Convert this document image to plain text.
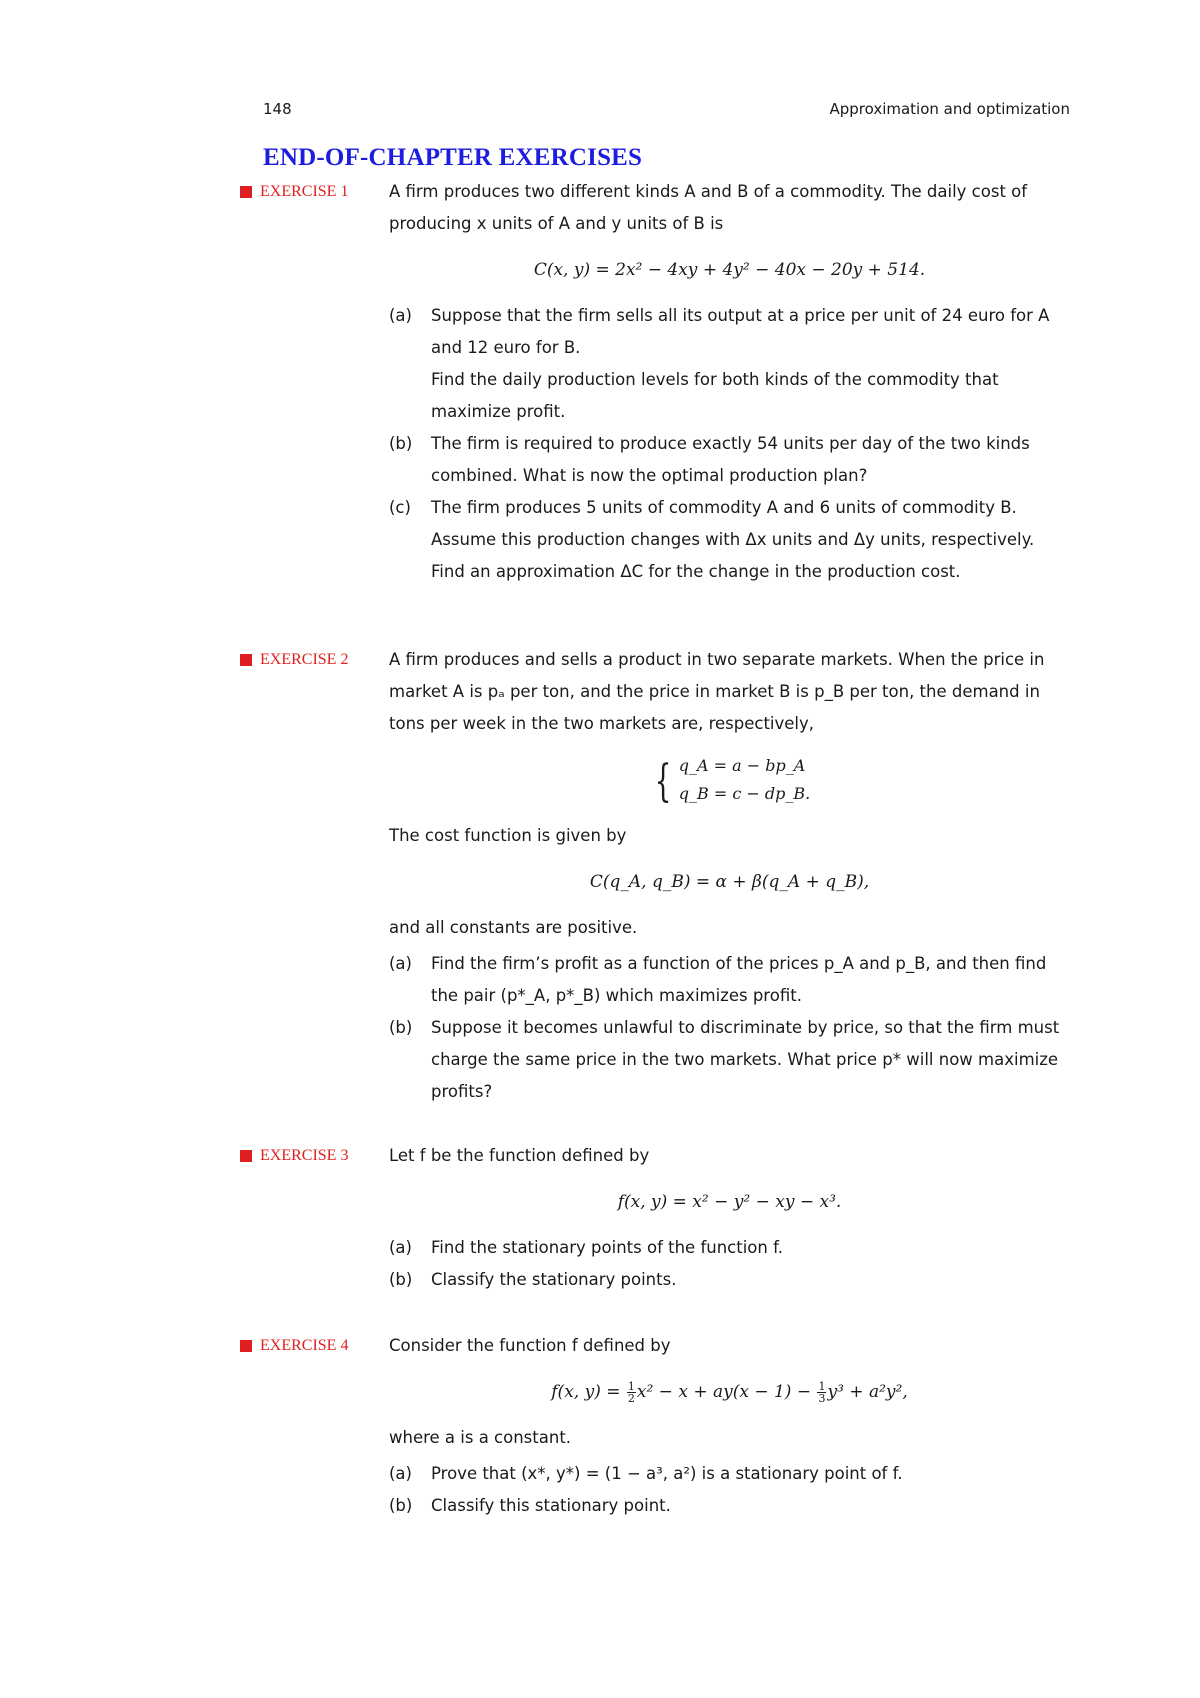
148	Approximation and optimization
END-OF-CHAPTER EXERCISES
EXERCISE 1 A firm produces two different kinds A and B of a commodity. The daily cost of producing x units of A and y units of B is
C(x, y) = 2x² − 4xy + 4y² − 40x − 20y + 514.
(a) Suppose that the firm sells all its output at a price per unit of 24 euro for A and 12 euro for B.
Find the daily production levels for both kinds of the commodity that maximize profit.
(b) The firm is required to produce exactly 54 units per day of the two kinds combined. What is now the optimal production plan?
(c) The firm produces 5 units of commodity A and 6 units of commodity B. Assume this production changes with Δx units and Δy units, respectively. Find an approximation ΔC for the change in the production cost.
EXERCISE 2 A firm produces and sells a product in two separate markets. When the price in market A is pₐ per ton, and the price in market B is p_B per ton, the demand in tons per week in the two markets are, respectively,
{ q_A = a − bp_A
q_B = c − dp_B.
The cost function is given by
C(q_A, q_B) = α + β(q_A + q_B),
and all constants are positive.
(a) Find the firm’s profit as a function of the prices p_A and p_B, and then find the pair (p*_A, p*_B) which maximizes profit.
(b) Suppose it becomes unlawful to discriminate by price, so that the firm must charge the same price in the two markets. What price p* will now maximize profits?
EXERCISE 3 Let f be the function defined by
f(x, y) = x² − y² − xy − x³.
(a) Find the stationary points of the function f.
(b) Classify the stationary points.
EXERCISE 4 Consider the function f defined by
f(x, $y) = \frac{1}{2} x^2 - x + ay(x - 1) - \frac{1}{3} y^3 + a^2y^2$,
where a is a constant.
(a) Prove that (x*, y*) = (1 − a³, a²) is a stationary point of f.
(b) Classify this stationary point.
